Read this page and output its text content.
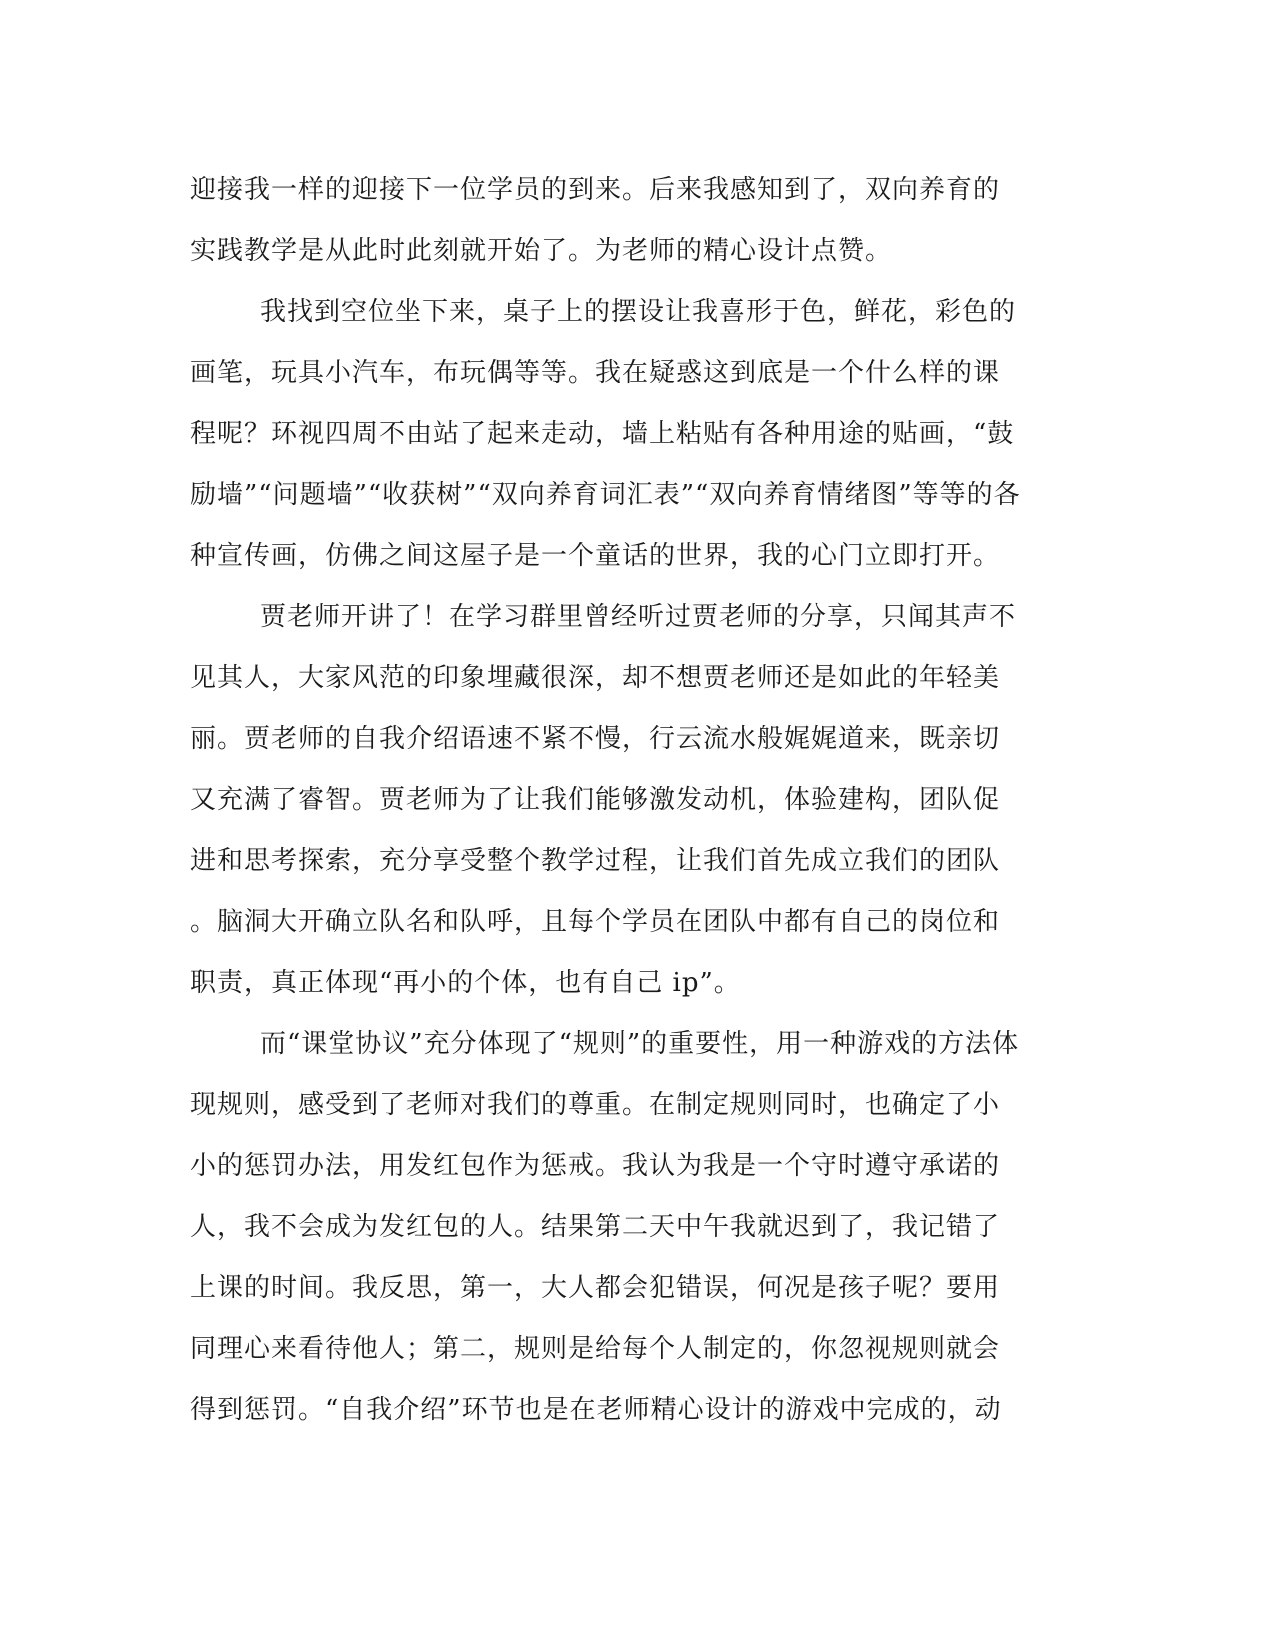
迎接我一样的迎接下一位学员的到来。后来我感知到了，双向养育的
实践教学是从此时此刻就开始了。为老师的精心设计点赞。
我找到空位坐下来，桌子上的摆设让我喜形于色，鲜花，彩色的
画笔，玩具小汽车，布玩偶等等。我在疑惑这到底是一个什么样的课
程呢？环视四周不由站了起来走动，墙上粘贴有各种用途的贴画，“鼓
励墙”“问题墙”“收获树”“双向养育词汇表”“双向养育情绪图”等等的各
种宣传画，仿佛之间这屋子是一个童话的世界，我的心门立即打开。
贾老师开讲了！在学习群里曾经听过贾老师的分享，只闻其声不
见其人，大家风范的印象埋藏很深，却不想贾老师还是如此的年轻美
丽。贾老师的自我介绍语速不紧不慢，行云流水般娓娓道来，既亲切
又充满了睿智。贾老师为了让我们能够激发动机，体验建构，团队促
进和思考探索，充分享受整个教学过程，让我们首先成立我们的团队
。脑洞大开确立队名和队呼，且每个学员在团队中都有自己的岗位和
职责，真正体现“再小的个体，也有自己 ip”。
而“课堂协议”充分体现了“规则”的重要性，用一种游戏的方法体
现规则，感受到了老师对我们的尊重。在制定规则同时，也确定了小
小的惩罚办法，用发红包作为惩戒。我认为我是一个守时遵守承诺的
人，我不会成为发红包的人。结果第二天中午我就迟到了，我记错了
上课的时间。我反思，第一，大人都会犯错误，何况是孩子呢？要用
同理心来看待他人；第二，规则是给每个人制定的，你忽视规则就会
得到惩罚。“自我介绍”环节也是在老师精心设计的游戏中完成的，动
